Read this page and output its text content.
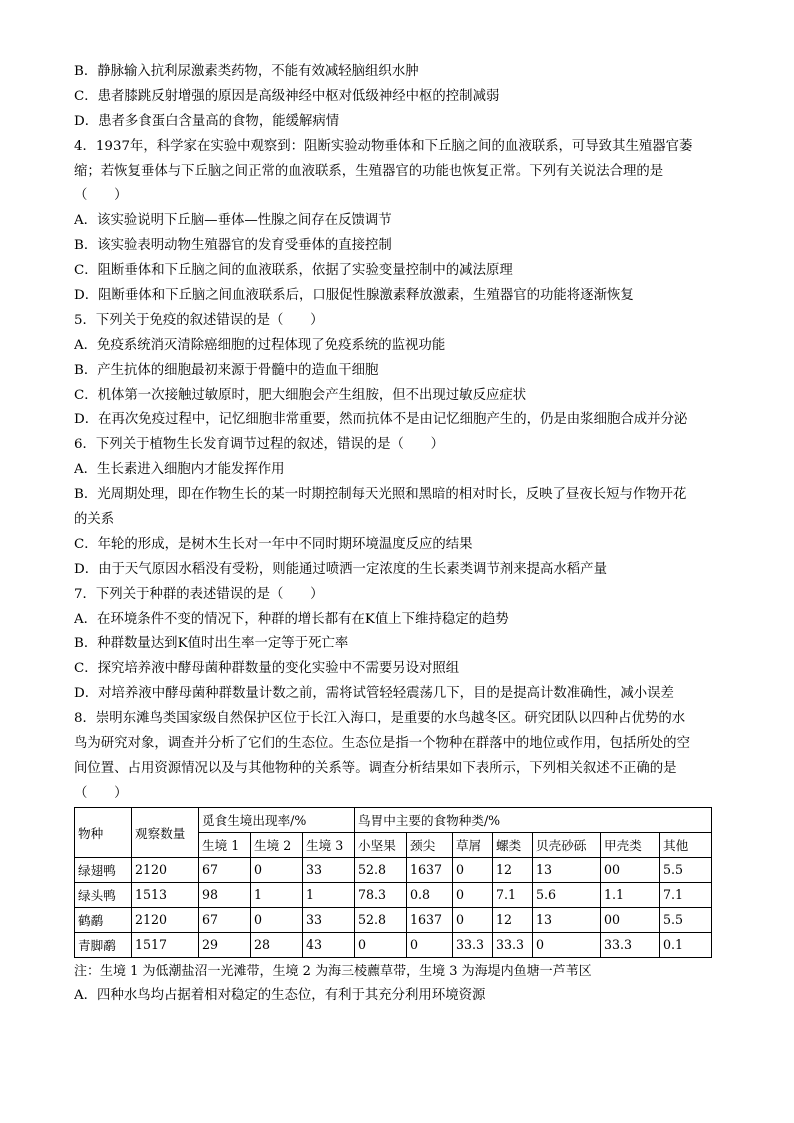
B．静脉输入抗利尿激素类药物，不能有效减轻脑组织水肿
C．患者膝跳反射增强的原因是高级神经中枢对低级神经中枢的控制减弱
D．患者多食蛋白含量高的食物，能缓解病情
4．1937年，科学家在实验中观察到：阻断实验动物垂体和下丘脑之间的血液联系，可导致其生殖器官萎
缩；若恢复垂体与下丘脑之间正常的血液联系，生殖器官的功能也恢复正常。下列有关说法合理的是
（　　）
A．该实验说明下丘脑—垂体—性腺之间存在反馈调节
B．该实验表明动物生殖器官的发育受垂体的直接控制
C．阻断垂体和下丘脑之间的血液联系，依据了实验变量控制中的减法原理
D．阻断垂体和下丘脑之间血液联系后，口服促性腺激素释放激素，生殖器官的功能将逐渐恢复
5．下列关于免疫的叙述错误的是（　　）
A．免疫系统消灭清除癌细胞的过程体现了免疫系统的监视功能
B．产生抗体的细胞最初来源于骨髓中的造血干细胞
C．机体第一次接触过敏原时，肥大细胞会产生组胺，但不出现过敏反应症状
D．在再次免疫过程中，记忆细胞非常重要，然而抗体不是由记忆细胞产生的，仍是由浆细胞合成并分泌
6．下列关于植物生长发育调节过程的叙述，错误的是（　　）
A．生长素进入细胞内才能发挥作用
B．光周期处理，即在作物生长的某一时期控制每天光照和黑暗的相对时长，反映了昼夜长短与作物开花
的关系
C．年轮的形成，是树木生长对一年中不同时期环境温度反应的结果
D．由于天气原因水稻没有受粉，则能通过喷洒一定浓度的生长素类调节剂来提高水稻产量
7．下列关于种群的表述错误的是（　　）
A．在环境条件不变的情况下，种群的增长都有在K值上下维持稳定的趋势
B．种群数量达到K值时出生率一定等于死亡率
C．探究培养液中酵母菌种群数量的变化实验中不需要另设对照组
D．对培养液中酵母菌种群数量计数之前，需将试管轻轻震荡几下，目的是提高计数准确性，减小误差
8．崇明东滩鸟类国家级自然保护区位于长江入海口，是重要的水鸟越冬区。研究团队以四种占优势的水
鸟为研究对象，调查并分析了它们的生态位。生态位是指一个物种在群落中的地位或作用，包括所处的空
间位置、占用资源情况以及与其他物种的关系等。调查分析结果如下表所示，下列相关叙述不正确的是
（　　）
物种	观察数量	觅食生境出现率/%			鸟胃中主要的食物种类/%						
		生境 1	生境 2	生境 3	小坚果	颈尖	草屑	螺类	贝壳砂砾	甲壳类	其他
绿翅鸭	2120	67	0	33	52.8	1637	0	12	13	00	5.5
绿头鸭	1513	98	1	1	78.3	0.8	0	7.1	5.6	1.1	7.1
鹤鹬	2120	67	0	33	52.8	1637	0	12	13	00	5.5
青脚鹬	1517	29	28	43	0	0	33.3	33.3	0	33.3	0.1
注：生境 1 为低潮盐沼一光滩带，生境 2 为海三棱藨草带，生境 3 为海堤内鱼塘一芦苇区
A．四种水鸟均占据着相对稳定的生态位，有利于其充分利用环境资源
